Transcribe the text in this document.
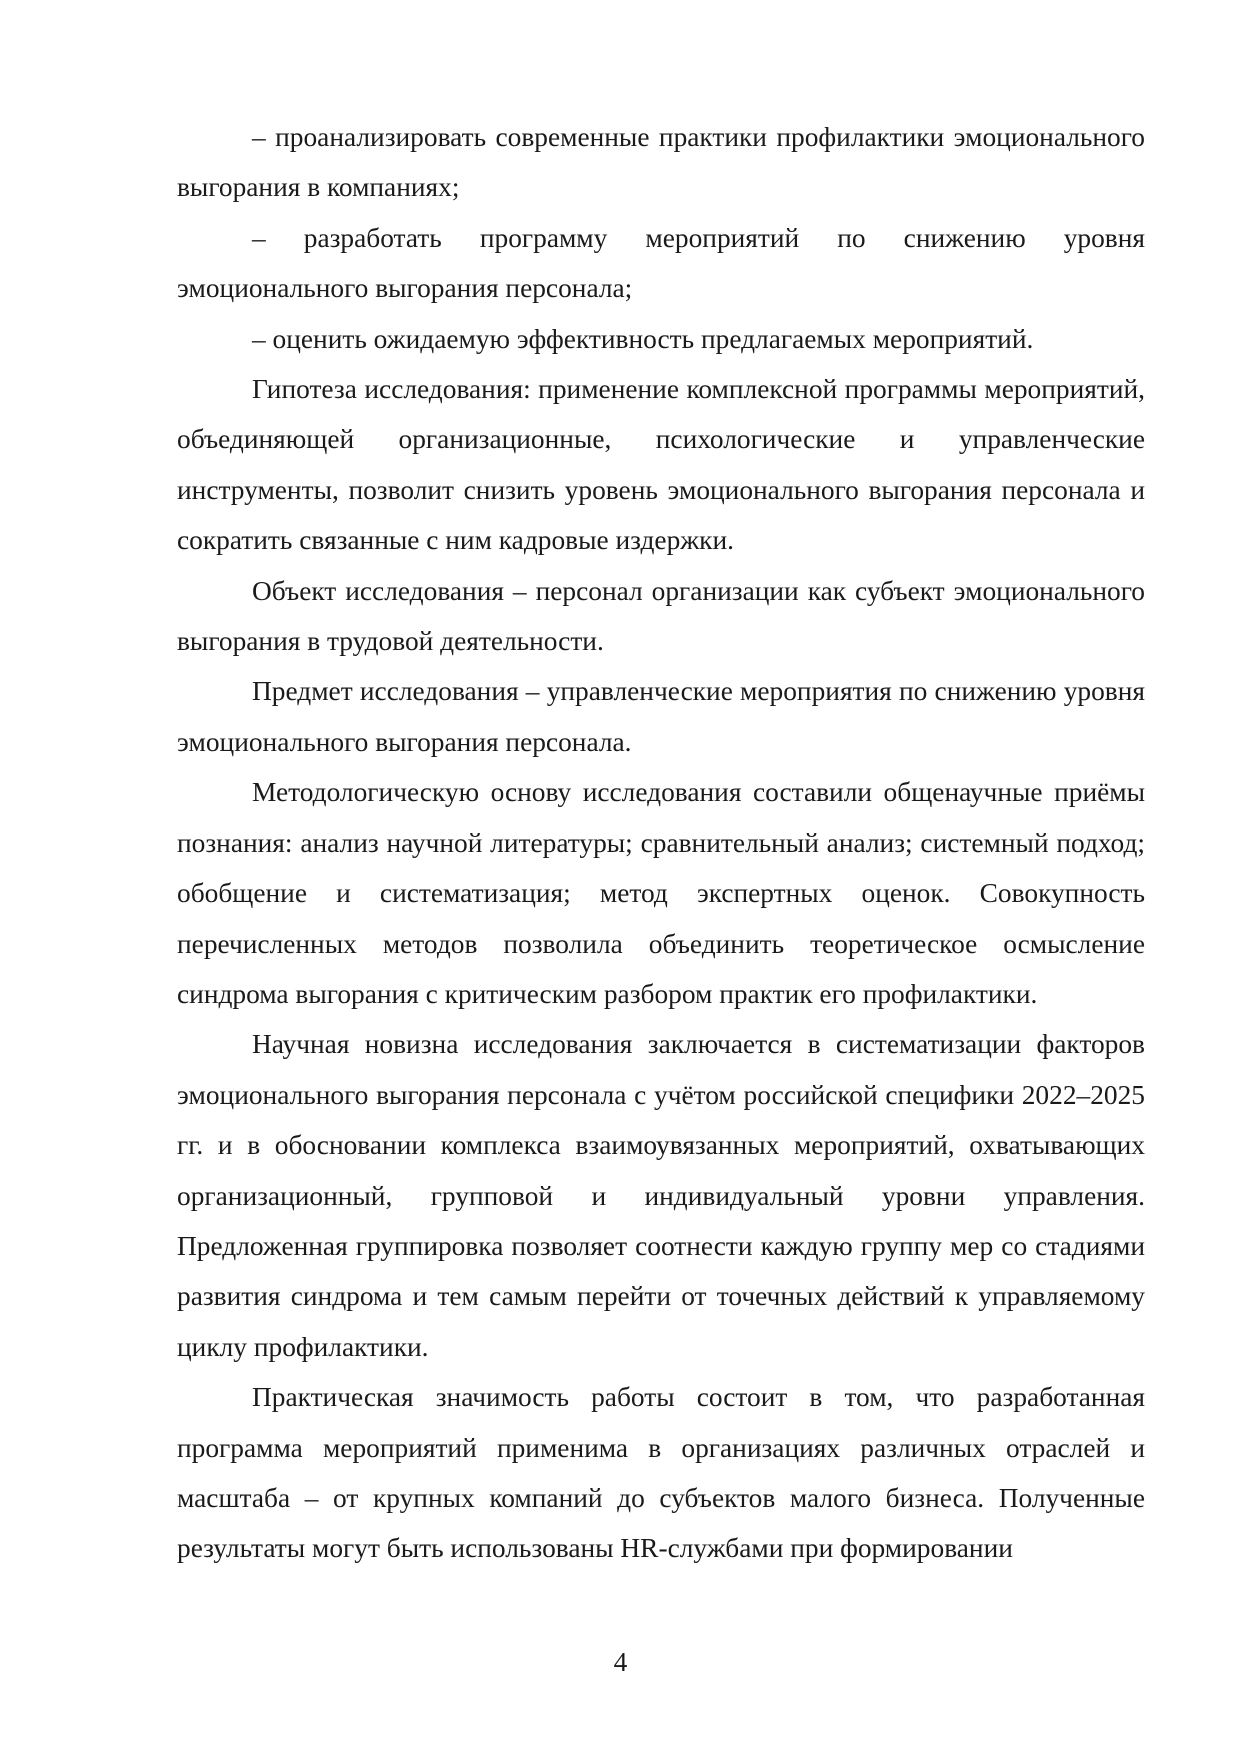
– проанализировать современные практики профилактики эмоционального выгорания в компаниях;

– разработать программу мероприятий по снижению уровня эмоционального выгорания персонала;

– оценить ожидаемую эффективность предлагаемых мероприятий.

Гипотеза исследования: применение комплексной программы мероприятий, объединяющей организационные, психологические и управленческие инструменты, позволит снизить уровень эмоционального выгорания персонала и сократить связанные с ним кадровые издержки.

Объект исследования – персонал организации как субъект эмоционального выгорания в трудовой деятельности.

Предмет исследования – управленческие мероприятия по снижению уровня эмоционального выгорания персонала.

Методологическую основу исследования составили общенаучные приёмы познания: анализ научной литературы; сравнительный анализ; системный подход; обобщение и систематизация; метод экспертных оценок. Совокупность перечисленных методов позволила объединить теоретическое осмысление синдрома выгорания с критическим разбором практик его профилактики.

Научная новизна исследования заключается в систематизации факторов эмоционального выгорания персонала с учётом российской специфики 2022–2025 гг. и в обосновании комплекса взаимоувязанных мероприятий, охватывающих организационный, групповой и индивидуальный уровни управления. Предложенная группировка позволяет соотнести каждую группу мер со стадиями развития синдрома и тем самым перейти от точечных действий к управляемому циклу профилактики.

Практическая значимость работы состоит в том, что разработанная программа мероприятий применима в организациях различных отраслей и масштаба – от крупных компаний до субъектов малого бизнеса. Полученные результаты могут быть использованы HR-службами при формировании

4
